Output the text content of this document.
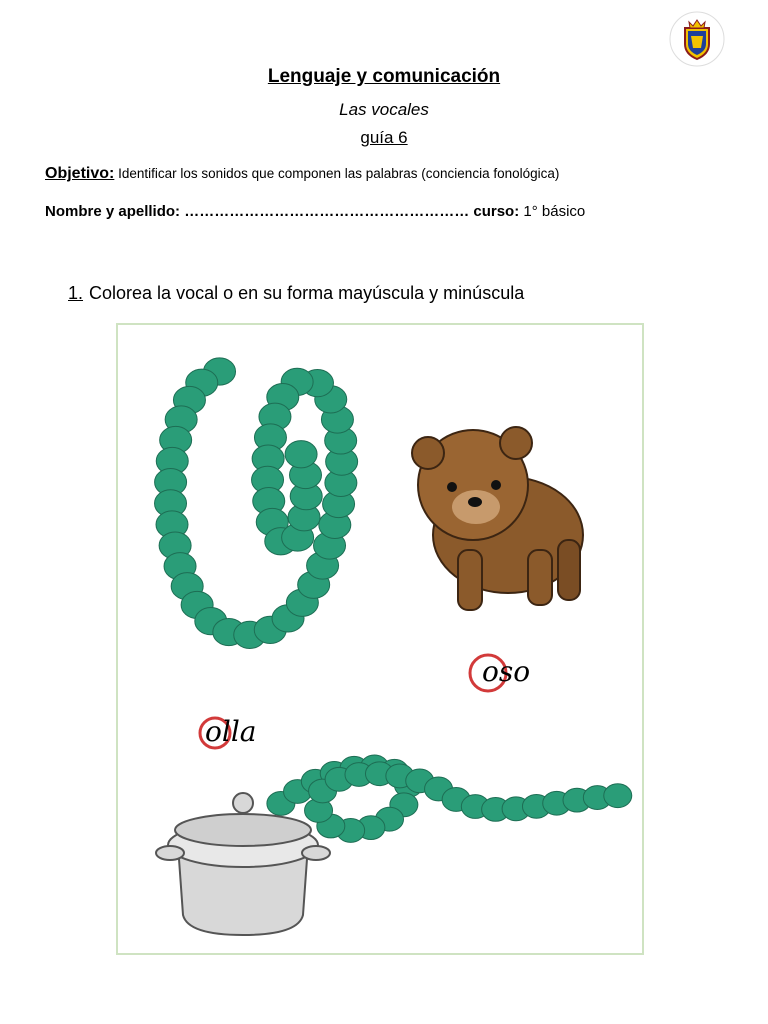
Lenguaje y comunicación
Las vocales
guía 6
Objetivo: Identificar los sonidos que componen las palabras (conciencia fonológica)
Nombre y apellido: ………………………………………………… curso: 1° básico
1. Colorea la vocal o en su forma mayúscula y minúscula
oso
olla
